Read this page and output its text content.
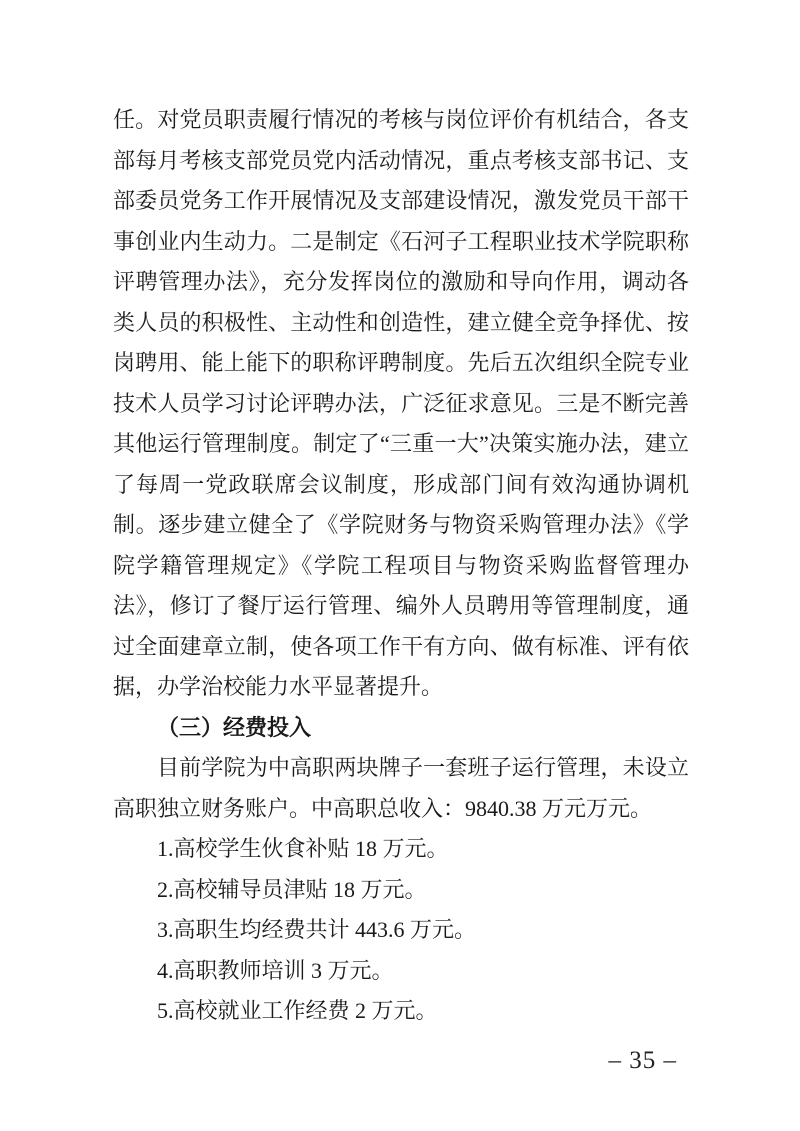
任。对党员职责履行情况的考核与岗位评价有机结合，各支部每月考核支部党员党内活动情况，重点考核支部书记、支部委员党务工作开展情况及支部建设情况，激发党员干部干事创业内生动力。二是制定《石河子工程职业技术学院职称评聘管理办法》，充分发挥岗位的激励和导向作用，调动各类人员的积极性、主动性和创造性，建立健全竞争择优、按岗聘用、能上能下的职称评聘制度。先后五次组织全院专业技术人员学习讨论评聘办法，广泛征求意见。三是不断完善其他运行管理制度。制定了“三重一大”决策实施办法，建立了每周一党政联席会议制度，形成部门间有效沟通协调机制。逐步建立健全了《学院财务与物资采购管理办法》《学院学籍管理规定》《学院工程项目与物资采购监督管理办法》，修订了餐厅运行管理、编外人员聘用等管理制度，通过全面建章立制，使各项工作干有方向、做有标准、评有依据，办学治校能力水平显著提升。

（三）经费投入

目前学院为中高职两块牌子一套班子运行管理，未设立高职独立财务账户。中高职总收入：9840.38 万元万元。

1.高校学生伙食补贴 18 万元。

2.高校辅导员津贴 18 万元。

3.高职生均经费共计 443.6 万元。

4.高职教师培训 3 万元。

5.高校就业工作经费 2 万元。

– 35 –
